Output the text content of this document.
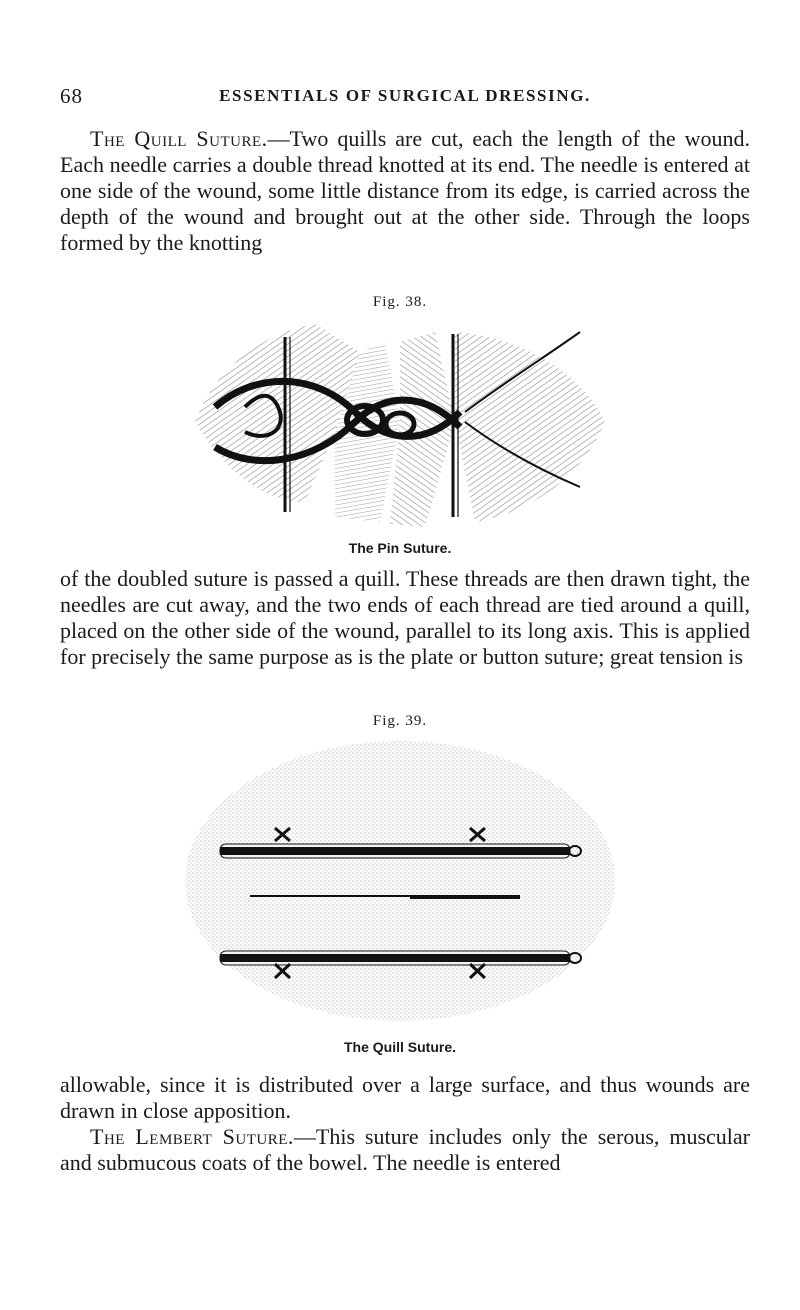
68	ESSENTIALS OF SURGICAL DRESSING.

The Quill Suture.—Two quills are cut, each the length of the wound. Each needle carries a double thread knotted at its end. The needle is entered at one side of the wound, some little distance from its edge, is carried across the depth of the wound and brought out at the other side. Through the loops formed by the knotting

Fig. 38.
The Pin Suture.

of the doubled suture is passed a quill. These threads are then drawn tight, the needles are cut away, and the two ends of each thread are tied around a quill, placed on the other side of the wound, parallel to its long axis. This is applied for precisely the same purpose as is the plate or button suture; great tension is

Fig. 39.
The Quill Suture.

allowable, since it is distributed over a large surface, and thus wounds are drawn in close apposition.

The Lembert Suture.—This suture includes only the serous, muscular and submucous coats of the bowel. The needle is entered
